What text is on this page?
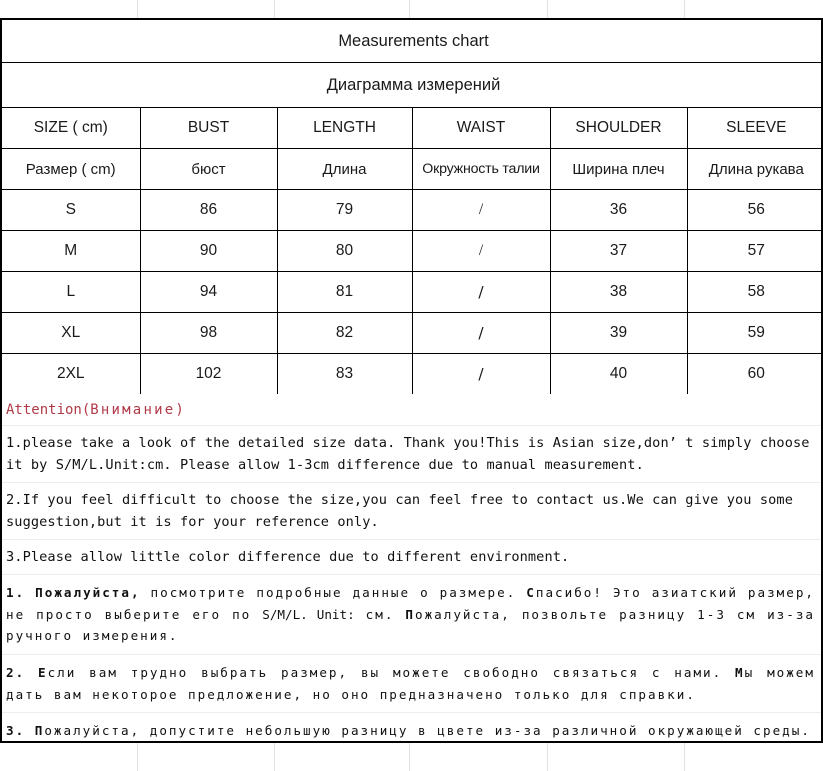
Measurements chart					
Диаграмма измерений					
SIZE ( cm)	BUST	LENGTH	WAIST	SHOULDER	SLEEVE
Размер ( cm)	бюст	Длина	Окружность талии	Ширина плеч	Длина рукава
S	86	79	/	36	56
M	90	80	/	37	57
L	94	81	/	38	58
XL	98	82	/	39	59
2XL	102	83	/	40	60
Attention(Внимание)
1.please take a look of the detailed size data. Thank you!This is Asian size,don’ t simply choose it by S/M/L.Unit:cm. Please allow 1-3cm difference due to manual measurement.
2.If you feel difficult to choose the size,you can feel free to contact us.We can give you some suggestion,but it is for your reference only.
3.Please allow little color difference due to different environment.
1. Пожалуйста, посмотрите подробные данные о размере. Спасибо! Это азиатский размер, не просто выберите его по S/M/L. Unit: см. Пожалуйста, позвольте разницу 1-3 см из-за ручного измерения.
2. Если вам трудно выбрать размер, вы можете свободно связаться с нами. Мы можем дать вам некоторое предложение, но оно предназначено только для справки.
3. Пожалуйста, допустите небольшую разницу в цвете из-за различной окружающей среды.
